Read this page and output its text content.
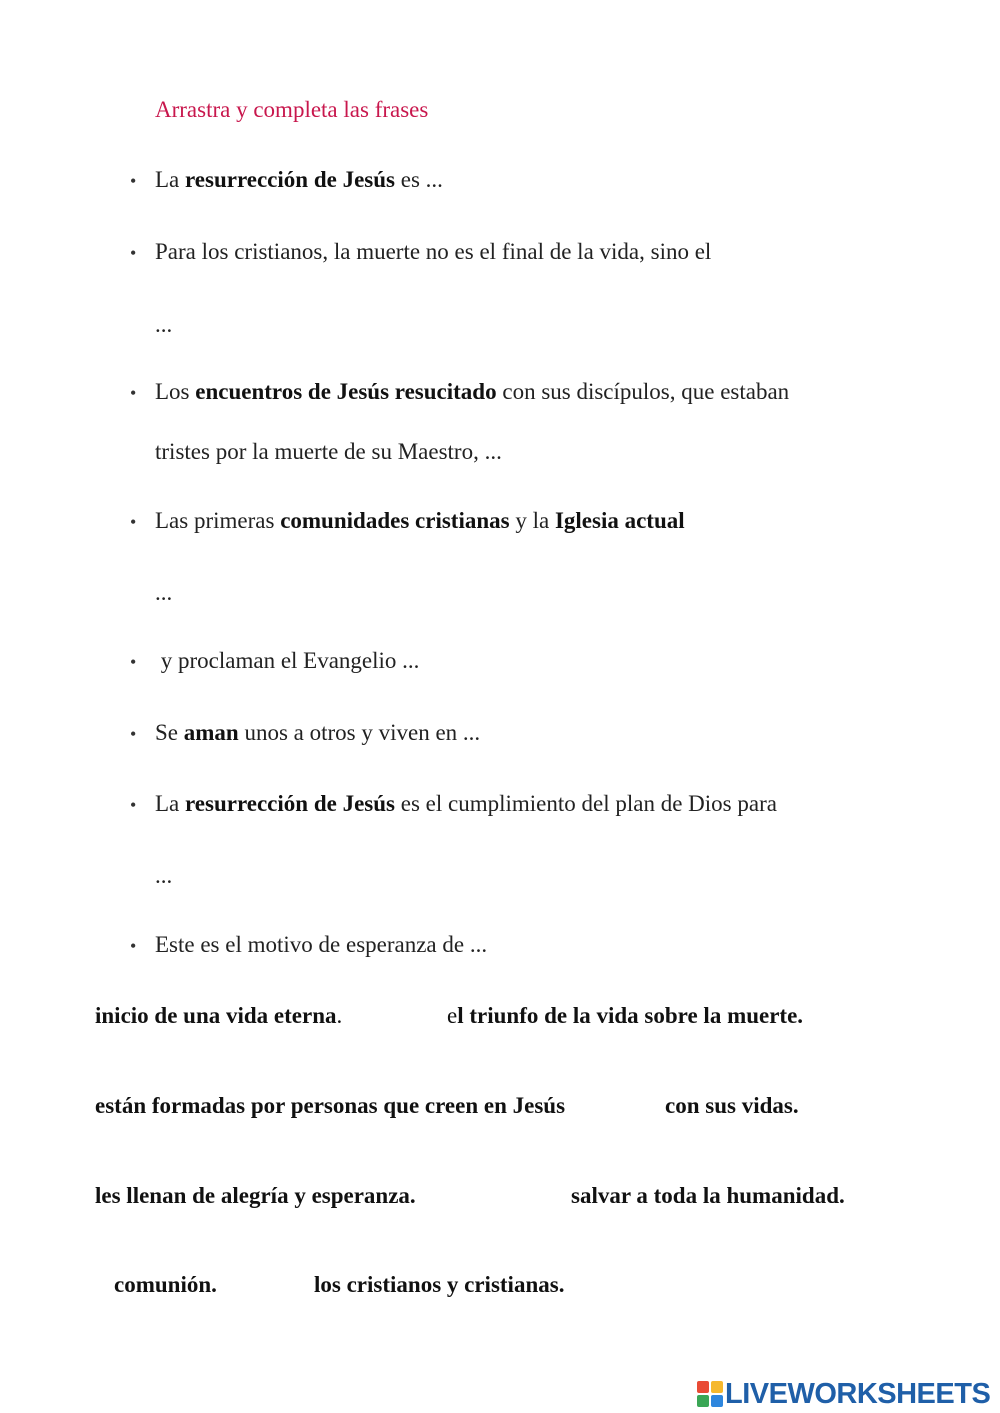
Arrastra y completa las frases
• La resurrección de Jesús es ...
• Para los cristianos, la muerte no es el final de la vida, sino el
...
• Los encuentros de Jesús resucitado con sus discípulos, que estaban
tristes por la muerte de su Maestro, ...
• Las primeras comunidades cristianas y la Iglesia actual
...
• y proclaman el Evangelio ...
• Se aman unos a otros y viven en ...
• La resurrección de Jesús es el cumplimiento del plan de Dios para
...
• Este es el motivo de esperanza de ...
inicio de una vida eterna.	el triunfo de la vida sobre la muerte.
están formadas por personas que creen en Jesús	con sus vidas.
les llenan de alegría y esperanza.	salvar a toda la humanidad.
comunión.	los cristianos y cristianas.
LIVEWORKSHEETS
